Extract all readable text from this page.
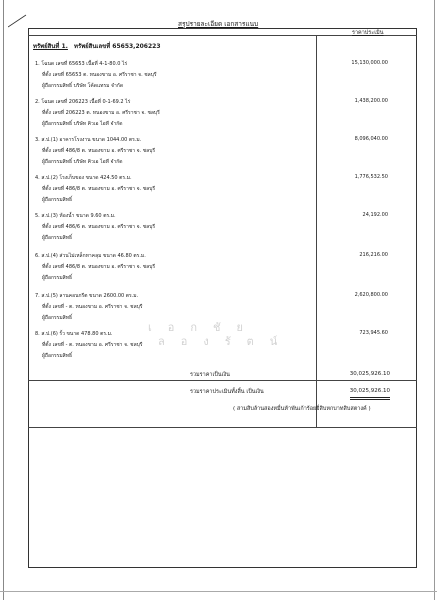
สรุปรายละเอียด เอกสารแนบ
ราคาประเมิน
ทรัพย์สินที่ 1. ทรัพย์สินเลขที่ 65653,206223
1. โฉนด เลขที่ 65653 เนื้อที่ 4-1-80.0 ไร่
ที่ตั้ง เลขที่ 65653 ต. หนองขาม อ. ศรีราชา จ. ชลบุรี
ผู้ถือกรรมสิทธิ์ บริษัท โค้ดแทรม จำกัด
15,130,000.00
2. โฉนด เลขที่ 206223 เนื้อที่ 0-1-69.2 ไร่
ที่ตั้ง เลขที่ 206223 ต. หนองขาม อ. ศรีราชา จ. ชลบุรี
ผู้ถือกรรมสิทธิ์ บริษัท คิวเอ ไอที จำกัด
1,438,200.00
3. ส.ป.(1) อาคารโรงงาน ขนาด 1044.00 ตร.ม.
ที่ตั้ง เลขที่ 486/8 ต. หนองขาม อ. ศรีราชา จ. ชลบุรี
ผู้ถือกรรมสิทธิ์ บริษัท คิวเอ ไอที จำกัด
8,096,040.00
4. ส.ป.(2) โรงเก็บของ ขนาด 424.50 ตร.ม.
ที่ตั้ง เลขที่ 486/8 ต. หนองขาม อ. ศรีราชา จ. ชลบุรี
ผู้ถือกรรมสิทธิ์
1,776,532.50
5. ส.ป.(3) ห้องน้ำ ขนาด 9.60 ตร.ม.
ที่ตั้ง เลขที่ 486/6 ต. หนองขาม อ. ศรีราชา จ. ชลบุรี
ผู้ถือกรรมสิทธิ์
24,192.00
6. ส.ป.(4) ส่วนไม่เหล็กหาคลุม ขนาด 46.80 ตร.ม.
ที่ตั้ง เลขที่ 486/8 ต. หนองขาม อ. ศรีราชา จ. ชลบุรี
ผู้ถือกรรมสิทธิ์
216,216.00
7. ส.ป.(5) ลานคอนกรีต ขนาด 2600.00 ตร.ม.
ที่ตั้ง เลขที่ - ต. หนองขาม อ. ศรีราชา จ. ชลบุรี
ผู้ถือกรรมสิทธิ์
2,620,800.00
8. ส.ป.(6) รั้ว ขนาด 478.80 ตร.ม.
ที่ตั้ง เลขที่ - ต. หนองขาม อ. ศรีราชา จ. ชลบุรี
ผู้ถือกรรมสิทธิ์
723,945.60
เอกชัย
ลองรัตน์
รวมราคาเป็นเงิน	30,025,926.10
รวมราคาประเมินทั้งสิ้น เป็นเงิน	30,025,926.10
( สามสิบล้านสองหมื่นห้าพันเก้าร้อยยี่สิบหกบาทสิบสตางค์ )
